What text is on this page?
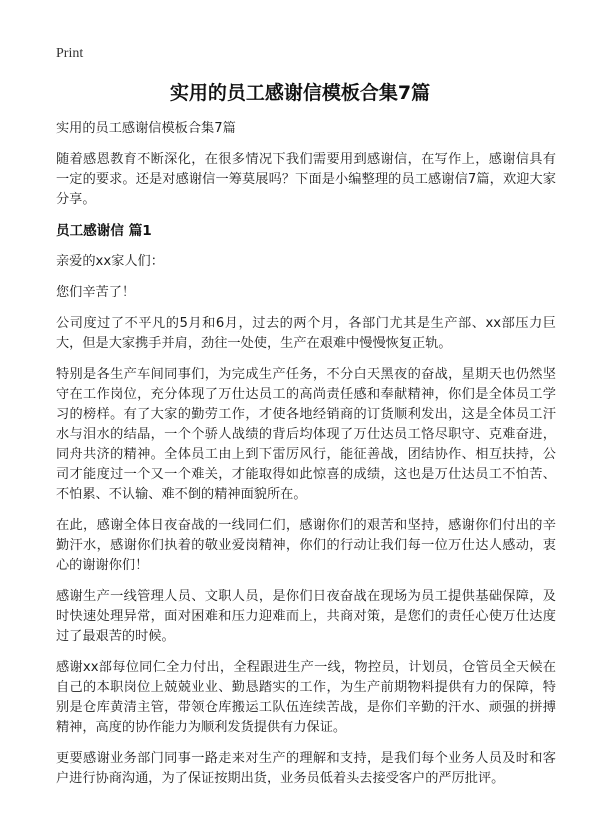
Print
实用的员工感谢信模板合集7篇

实用的员工感谢信模板合集7篇

随着感恩教育不断深化，在很多情况下我们需要用到感谢信，在写作上，感谢信具有一定的要求。还是对感谢信一筹莫展吗？下面是小编整理的员工感谢信7篇，欢迎大家分享。

员工感谢信 篇1

亲爱的xx家人们：

您们辛苦了！

公司度过了不平凡的5月和6月，过去的两个月，各部门尤其是生产部、xx部压力巨大，但是大家携手并肩，劲往一处使，生产在艰难中慢慢恢复正轨。

特别是各生产车间同事们，为完成生产任务，不分白天黑夜的奋战，星期天也仍然坚守在工作岗位，充分体现了万仕达员工的高尚责任感和奉献精神，你们是全体员工学习的榜样。有了大家的勤劳工作，才使各地经销商的订货顺利发出，这是全体员工汗水与泪水的结晶，一个个骄人战绩的背后均体现了万仕达员工恪尽职守、克难奋进，同舟共济的精神。全体员工由上到下雷厉风行，能征善战，团结协作、相互扶持，公司才能度过一个又一个难关，才能取得如此惊喜的成绩，这也是万仕达员工不怕苦、不怕累、不认输、难不倒的精神面貌所在。

在此，感谢全体日夜奋战的一线同仁们，感谢你们的艰苦和坚持，感谢你们付出的辛勤汗水，感谢你们执着的敬业爱岗精神，你们的行动让我们每一位万仕达人感动，衷心的谢谢你们！

感谢生产一线管理人员、文职人员，是你们日夜奋战在现场为员工提供基础保障，及时快速处理异常，面对困难和压力迎难而上，共商对策，是您们的责任心使万仕达度过了最艰苦的时候。

感谢xx部每位同仁全力付出，全程跟进生产一线，物控员，计划员，仓管员全天候在自己的本职岗位上兢兢业业、勤恳踏实的工作，为生产前期物料提供有力的保障，特别是仓库黄清主管，带领仓库搬运工队伍连续苦战，是你们辛勤的汗水、顽强的拼搏精神，高度的协作能力为顺利发货提供有力保证。

更要感谢业务部门同事一路走来对生产的理解和支持，是我们每个业务人员及时和客户进行协商沟通，为了保证按期出货，业务员低着头去接受客户的严厉批评。
